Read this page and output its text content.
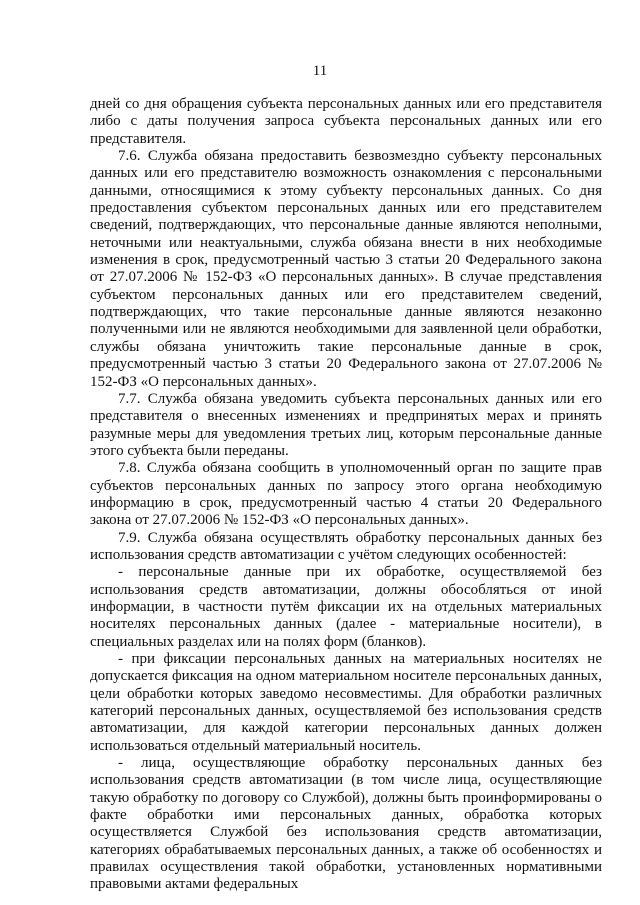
11

дней со дня обращения субъекта персональных данных или его представителя либо с даты получения запроса субъекта персональных данных или его представителя.

7.6. Служба обязана предоставить безвозмездно субъекту персональных данных или его представителю возможность ознакомления с персональными данными, относящимися к этому субъекту персональных данных. Со дня предоставления субъектом персональных данных или его представителем сведений, подтверждающих, что персональные данные являются неполными, неточными или неактуальными, служба обязана внести в них необходимые изменения в срок, предусмотренный частью 3 статьи 20 Федерального закона от 27.07.2006 № 152-ФЗ «О персональных данных». В случае представления субъектом персональных данных или его представителем сведений, подтверждающих, что такие персональные данные являются незаконно полученными или не являются необходимыми для заявленной цели обработки, службы обязана уничтожить такие персональные данные в срок, предусмотренный частью 3 статьи 20 Федерального закона от 27.07.2006 № 152-ФЗ «О персональных данных».

7.7. Служба обязана уведомить субъекта персональных данных или его представителя о внесенных изменениях и предпринятых мерах и принять разумные меры для уведомления третьих лиц, которым персональные данные этого субъекта были переданы.

7.8. Служба обязана сообщить в уполномоченный орган по защите прав субъектов персональных данных по запросу этого органа необходимую информацию в срок, предусмотренный частью 4 статьи 20 Федерального закона от 27.07.2006 № 152-ФЗ «О персональных данных».

7.9. Служба обязана осуществлять обработку персональных данных без использования средств автоматизации с учётом следующих особенностей:

- персональные данные при их обработке, осуществляемой без использования средств автоматизации, должны обособляться от иной информации, в частности путём фиксации их на отдельных материальных носителях персональных данных (далее - материальные носители), в специальных разделах или на полях форм (бланков).

- при фиксации персональных данных на материальных носителях не допускается фиксация на одном материальном носителе персональных данных, цели обработки которых заведомо несовместимы. Для обработки различных категорий персональных данных, осуществляемой без использования средств автоматизации, для каждой категории персональных данных должен использоваться отдельный материальный носитель.

- лица, осуществляющие обработку персональных данных без использования средств автоматизации (в том числе лица, осуществляющие такую обработку по договору со Службой), должны быть проинформированы о факте обработки ими персональных данных, обработка которых осуществляется Службой без использования средств автоматизации, категориях обрабатываемых персональных данных, а также об особенностях и правилах осуществления такой обработки, установленных нормативными правовыми актами федеральных
